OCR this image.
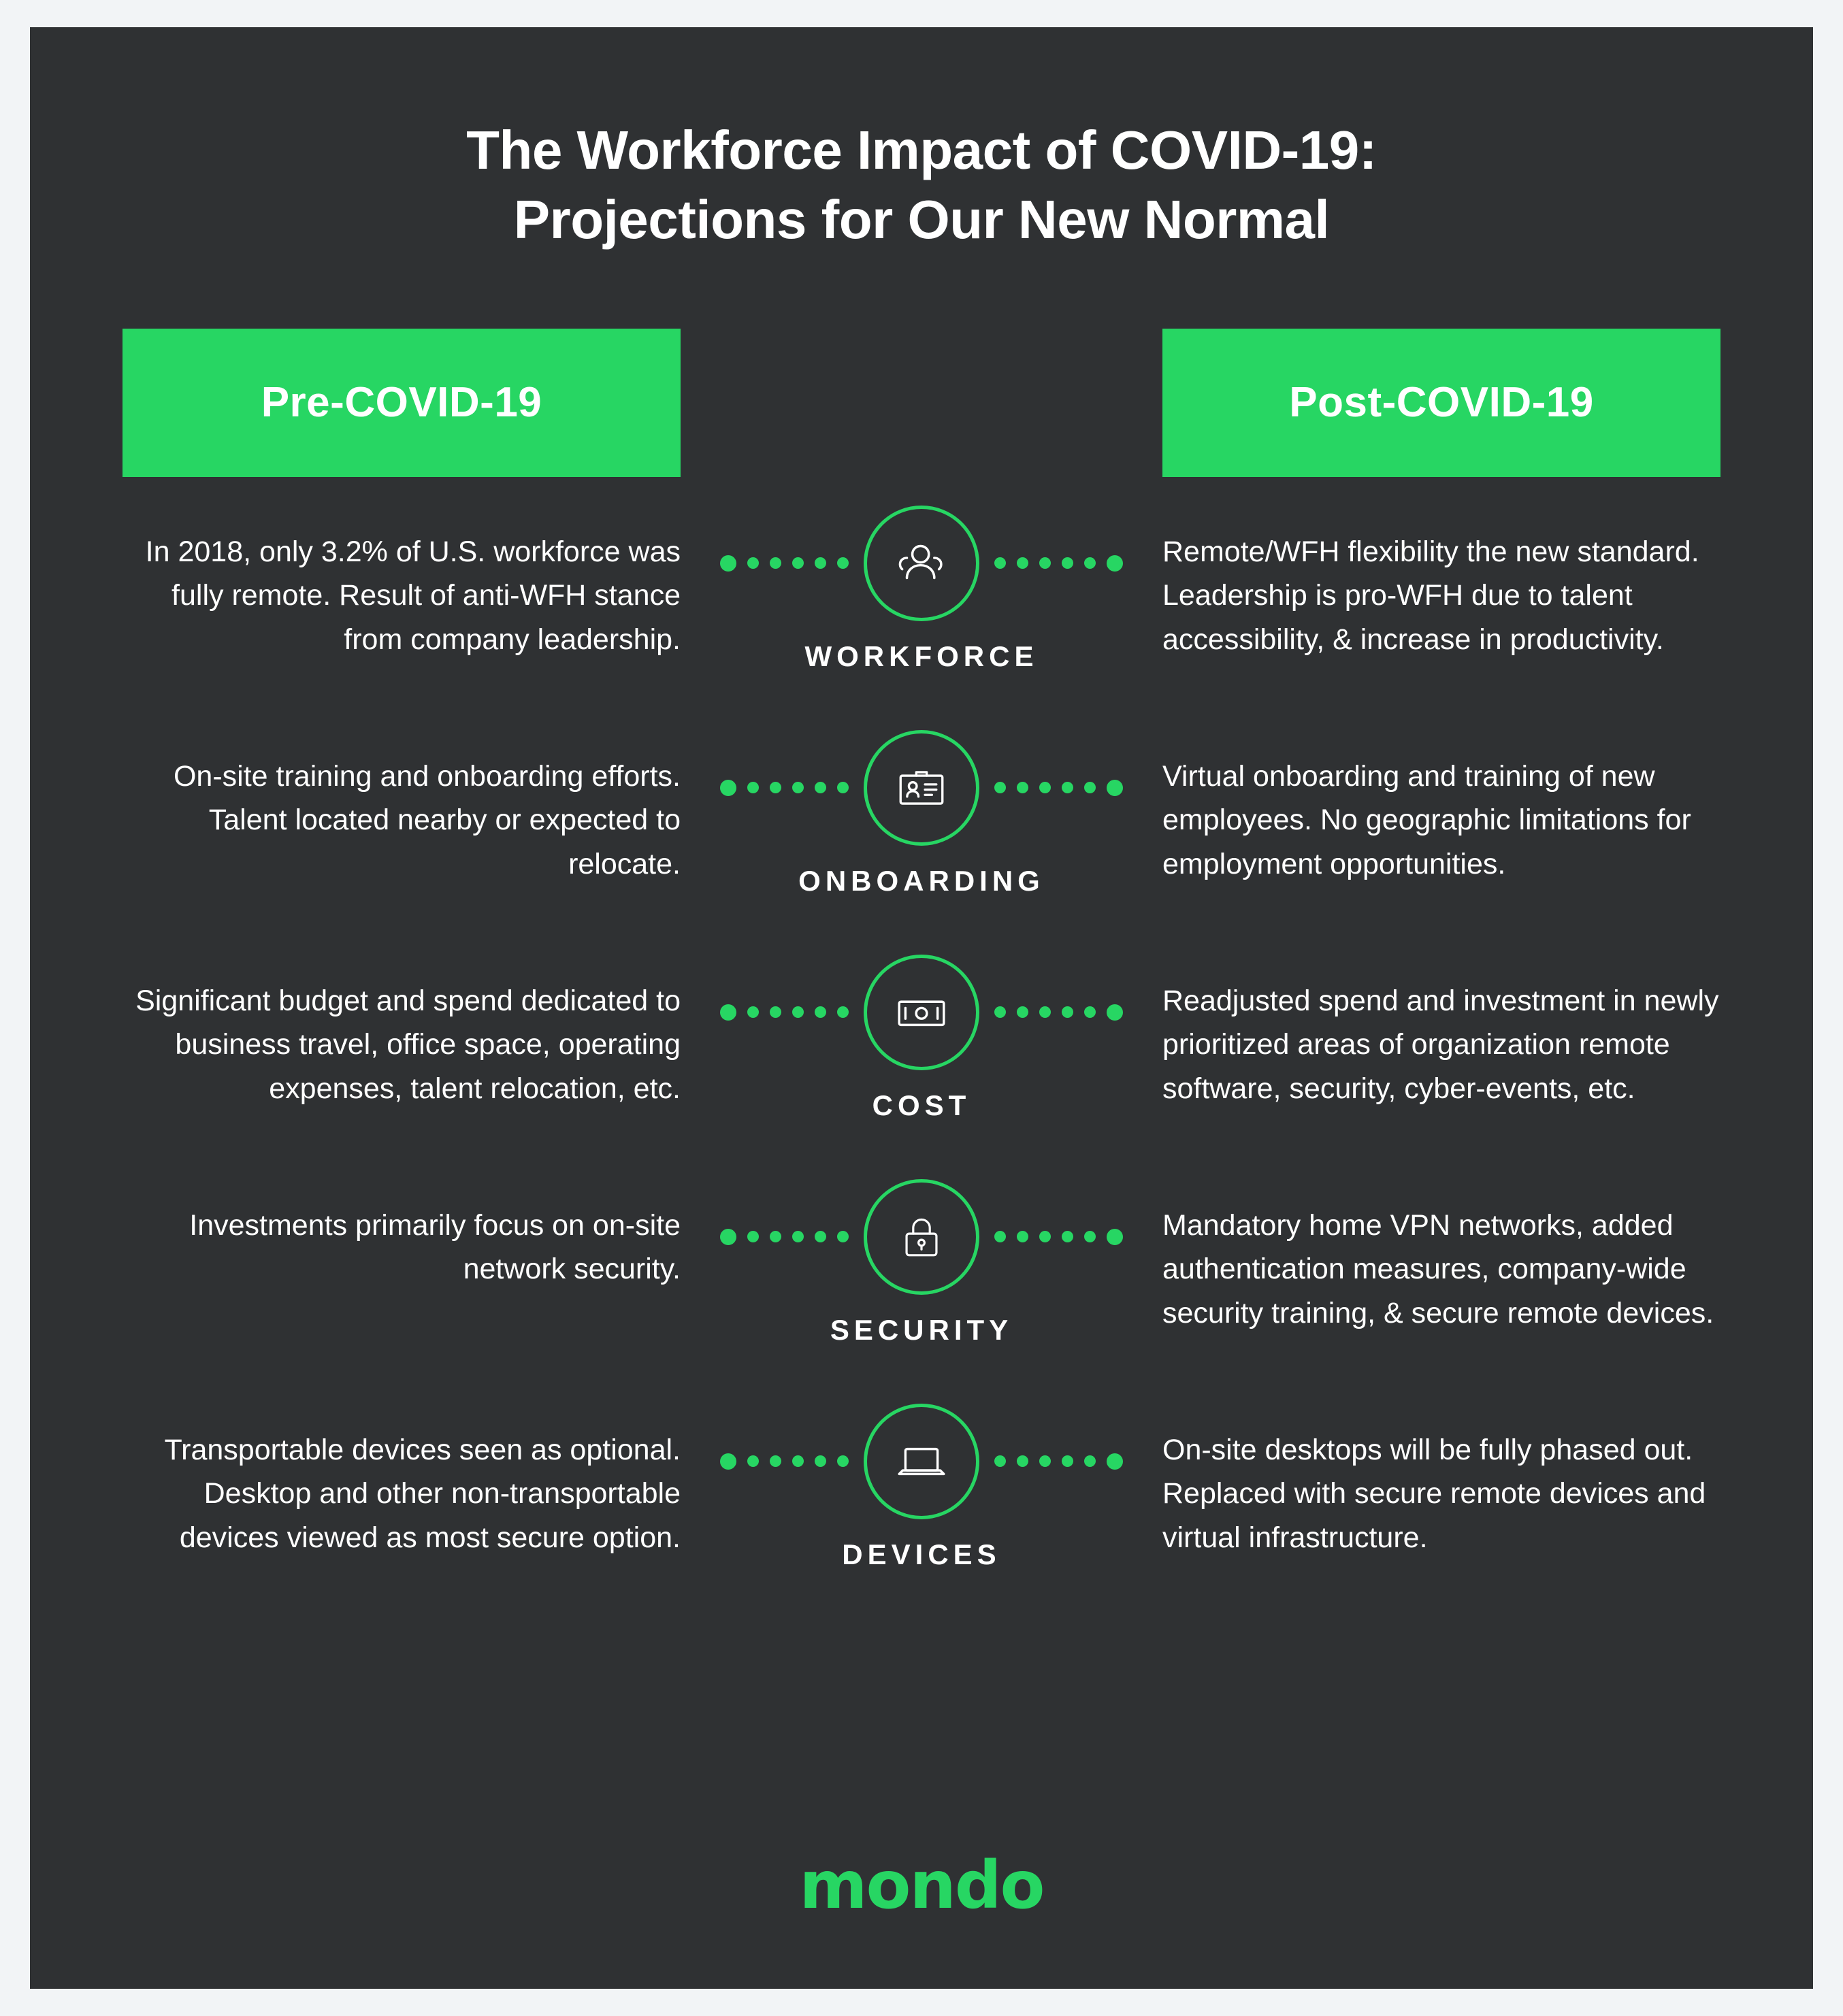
The Workforce Impact of COVID-19:
Projections for Our New Normal
Pre-COVID-19	Post-COVID-19
In 2018, only 3.2% of U.S. workforce was fully remote. Result of anti-WFH stance from company leadership.
WORKFORCE
Remote/WFH flexibility the new standard. Leadership is pro-WFH due to talent accessibility, & increase in productivity.
On-site training and onboarding efforts. Talent located nearby or expected to relocate.
ONBOARDING
Virtual onboarding and training of new employees. No geographic limitations for employment opportunities.
Significant budget and spend dedicated to business travel, office space, operating expenses, talent relocation, etc.
COST
Readjusted spend and investment in newly prioritized areas of organization remote software, security, cyber-events, etc.
Investments primarily focus on on-site network security.
SECURITY
Mandatory home VPN networks, added authentication measures, company-wide security training, & secure remote devices.
Transportable devices seen as optional. Desktop and other non-transportable devices viewed as most secure option.
DEVICES
On-site desktops will be fully phased out. Replaced with secure remote devices and virtual infrastructure.
mondo
